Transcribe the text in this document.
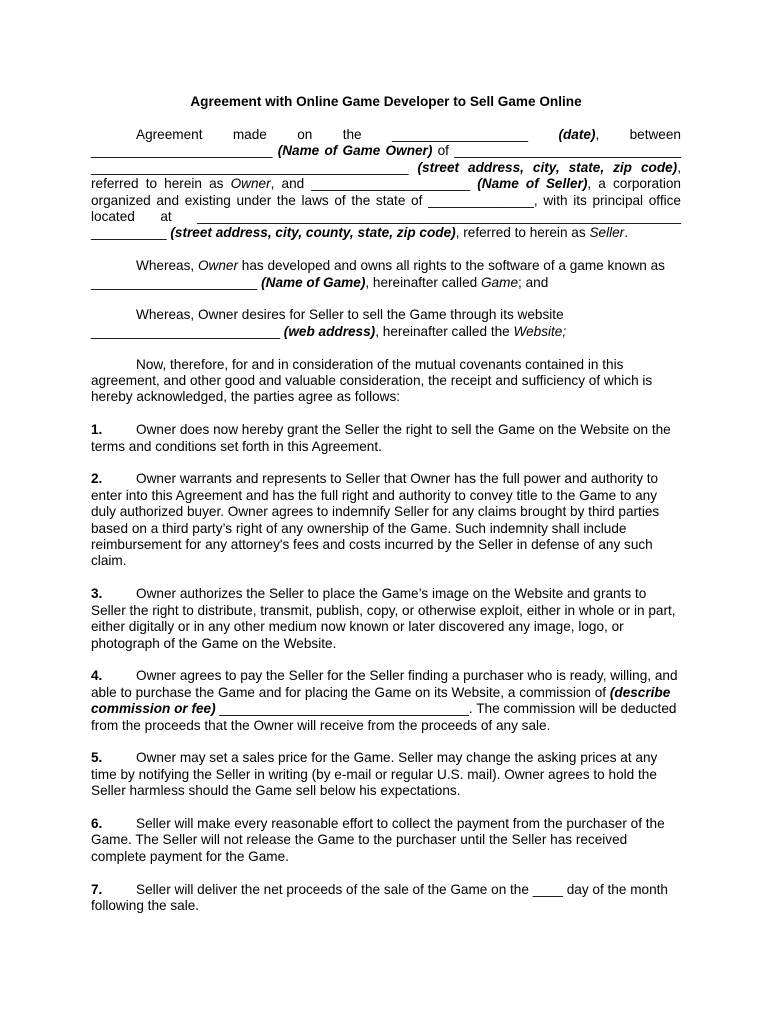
Agreement with Online Game Developer to Sell Game Online

Agreement made on the __________________ (date), between ________________________ (Name of Game Owner) of ______________________________ __________________________________________ (street address, city, state, zip code), referred to herein as Owner, and _____________________ (Name of Seller), a corporation organized and existing under the laws of the state of ______________, with its principal office located at ________________________________________________________________ __________ (street address, city, county, state, zip code), referred to herein as Seller.

Whereas, Owner has developed and owns all rights to the software of a game known as ______________________ (Name of Game), hereinafter called Game; and

Whereas, Owner desires for Seller to sell the Game through its website _________________________ (web address), hereinafter called the Website;

Now, therefore, for and in consideration of the mutual covenants contained in this agreement, and other good and valuable consideration, the receipt and sufficiency of which is hereby acknowledged, the parties agree as follows:

1. Owner does now hereby grant the Seller the right to sell the Game on the Website on the terms and conditions set forth in this Agreement.

2. Owner warrants and represents to Seller that Owner has the full power and authority to enter into this Agreement and has the full right and authority to convey title to the Game to any duly authorized buyer. Owner agrees to indemnify Seller for any claims brought by third parties based on a third party’s right of any ownership of the Game. Such indemnity shall include reimbursement for any attorney's fees and costs incurred by the Seller in defense of any such claim.

3. Owner authorizes the Seller to place the Game’s image on the Website and grants to Seller the right to distribute, transmit, publish, copy, or otherwise exploit, either in whole or in part, either digitally or in any other medium now known or later discovered any image, logo, or photograph of the Game on the Website.

4. Owner agrees to pay the Seller for the Seller finding a purchaser who is ready, willing, and able to purchase the Game and for placing the Game on its Website, a commission of (describe commission or fee) _________________________________. The commission will be deducted from the proceeds that the Owner will receive from the proceeds of any sale.

5. Owner may set a sales price for the Game. Seller may change the asking prices at any time by notifying the Seller in writing (by e-mail or regular U.S. mail). Owner agrees to hold the Seller harmless should the Game sell below his expectations.

6. Seller will make every reasonable effort to collect the payment from the purchaser of the Game. The Seller will not release the Game to the purchaser until the Seller has received complete payment for the Game.

7. Seller will deliver the net proceeds of the sale of the Game on the ____ day of the month following the sale.
